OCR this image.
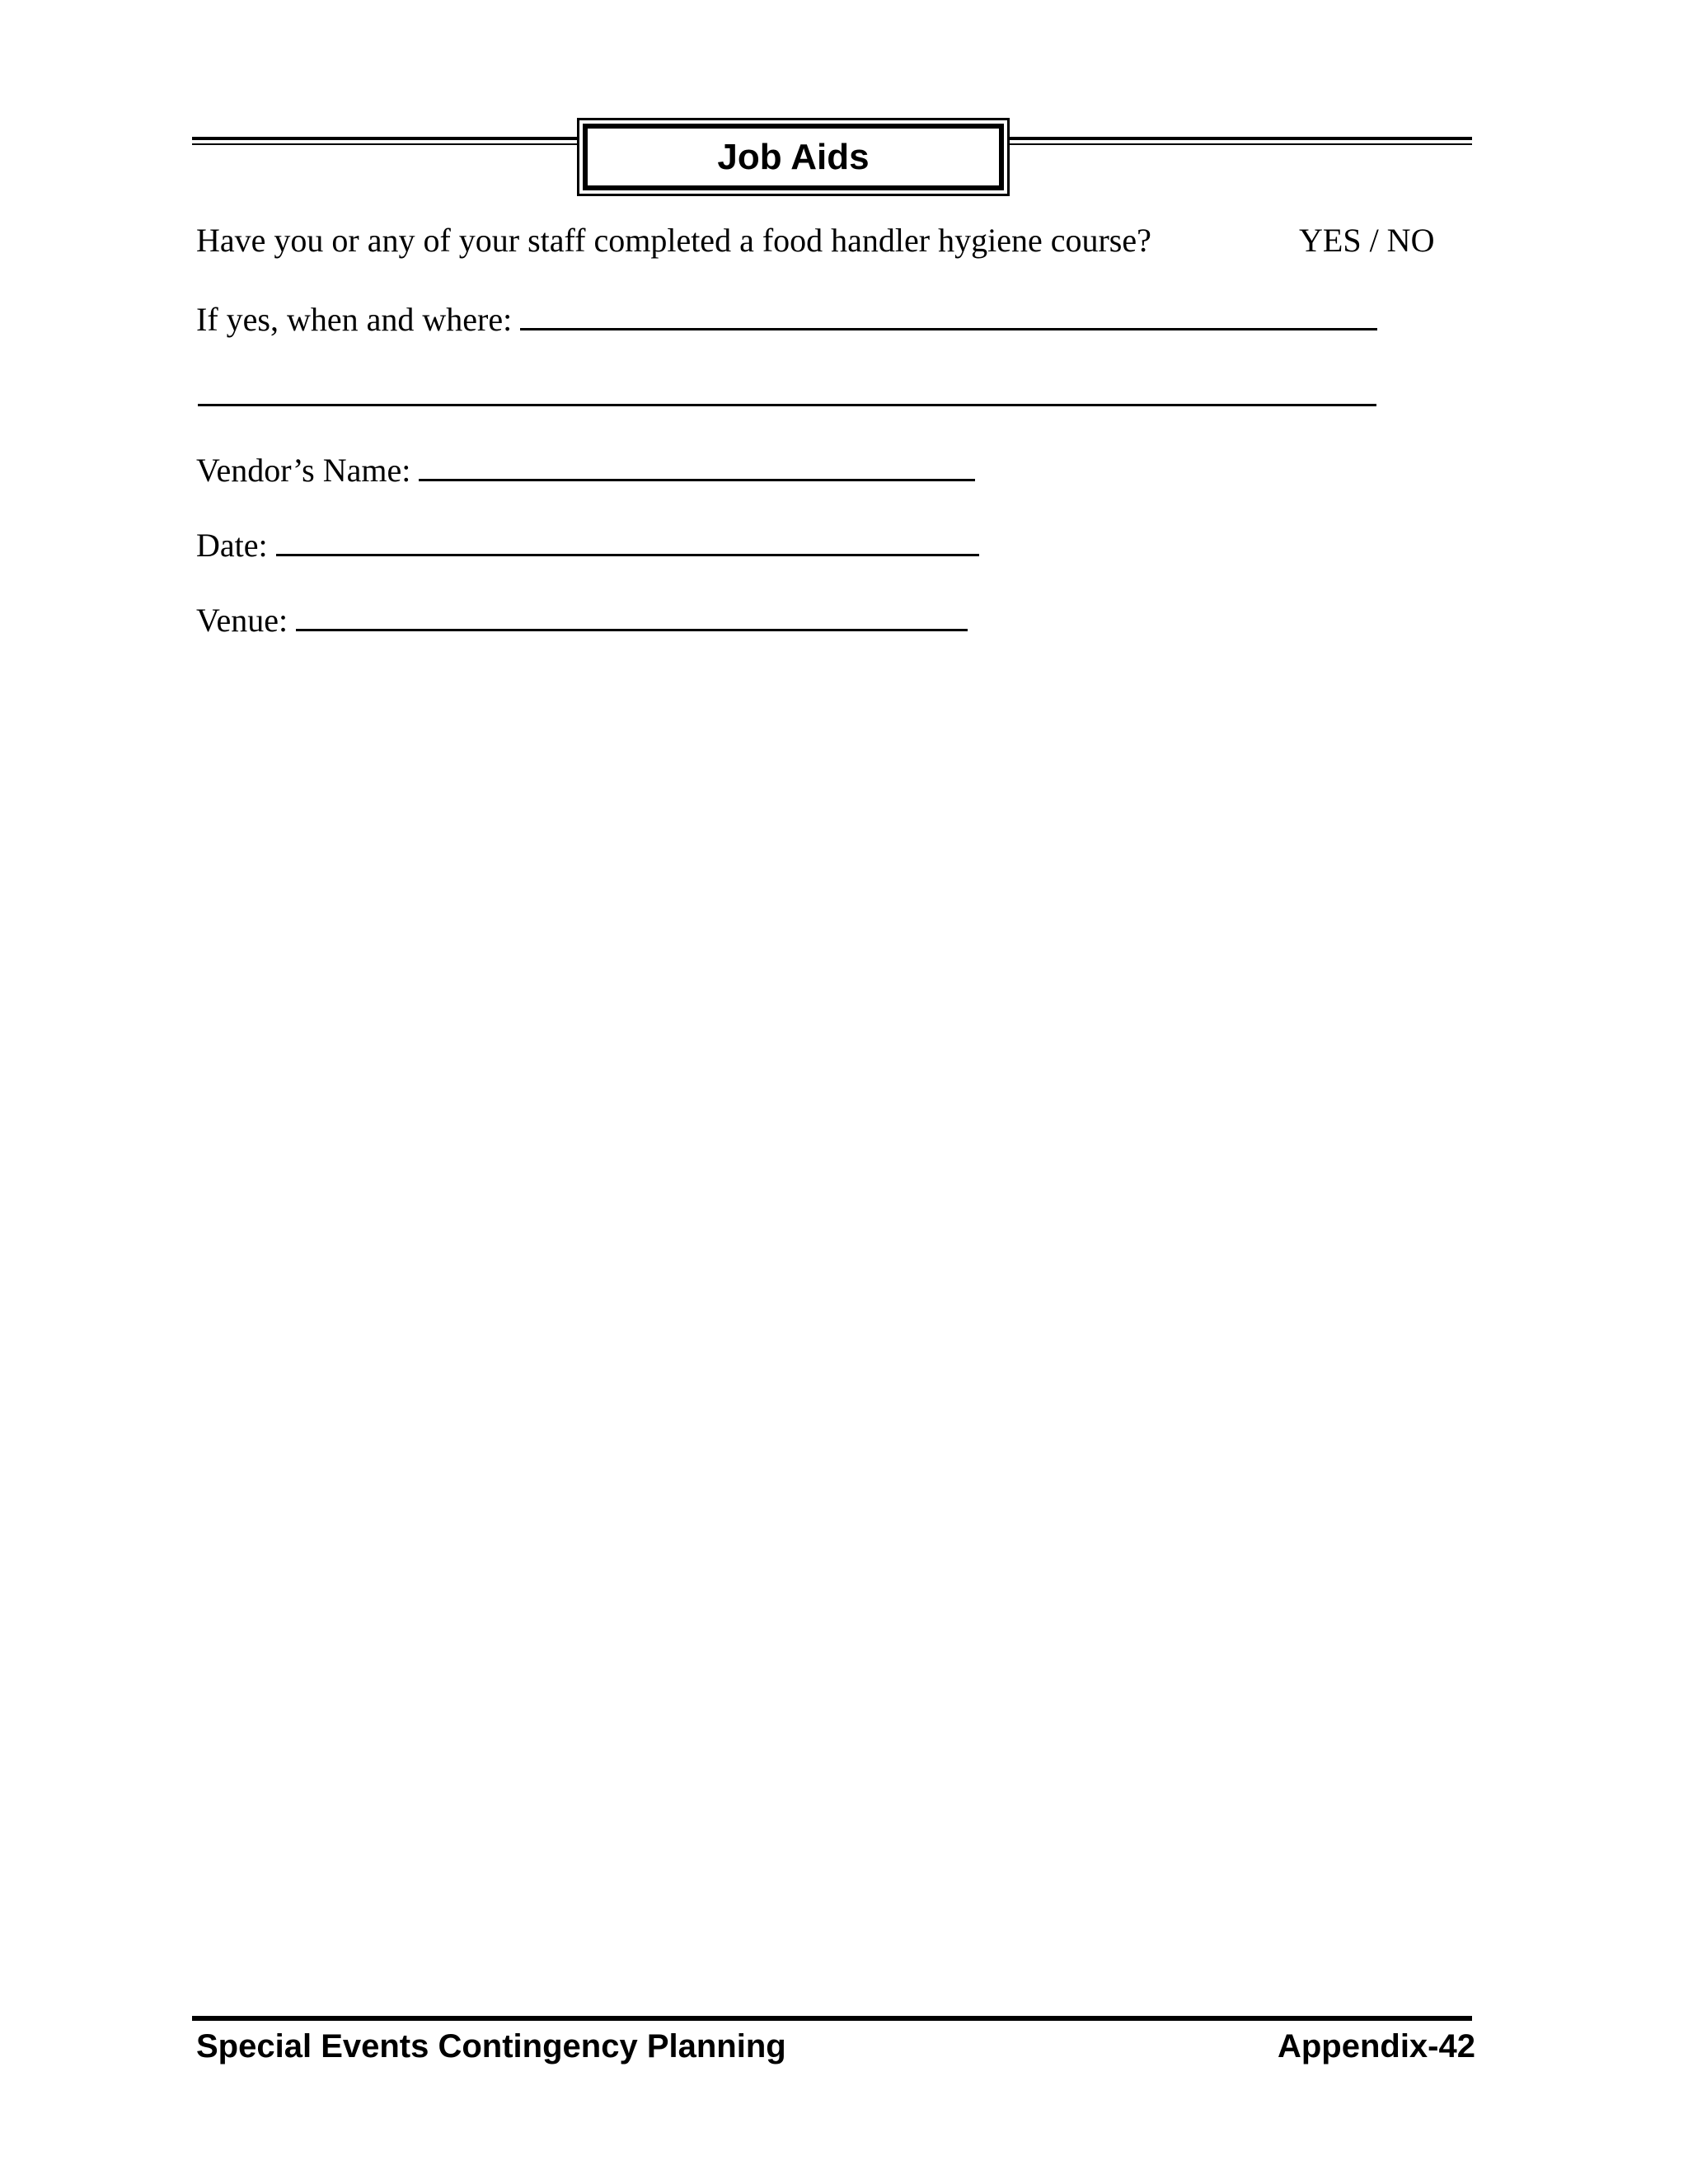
Job Aids
Have you or any of your staff completed a food handler hygiene course?	YES / NO
If yes, when and where:
Vendor’s Name:
Date:
Venue:
Special Events Contingency Planning	Appendix-42
